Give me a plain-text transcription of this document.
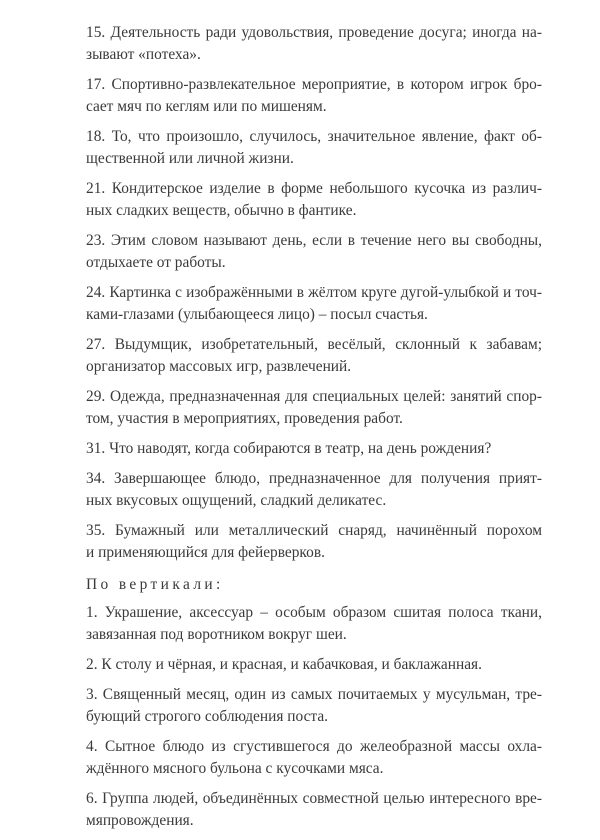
15. Деятельность ради удовольствия, проведение досуга; иногда на-
зывают «потеха».

17. Спортивно-развлекательное мероприятие, в котором игрок бро-
сает мяч по кеглям или по мишеням.

18. То, что произошло, случилось, значительное явление, факт об-
щественной или личной жизни.

21. Кондитерское изделие в форме небольшого кусочка из различ-
ных сладких веществ, обычно в фантике.

23. Этим словом называют день, если в течение него вы свободны,
отдыхаете от работы.

24. Картинка с изображёнными в жёлтом круге дугой-улыбкой и точ-
ками-глазами (улыбающееся лицо) – посыл счастья.

27. Выдумщик, изобретательный, весёлый, склонный к забавам;
организатор массовых игр, развлечений.

29. Одежда, предназначенная для специальных целей: занятий спор-
том, участия в мероприятиях, проведения работ.

31. Что наводят, когда собираются в театр, на день рождения?

34. Завершающее блюдо, предназначенное для получения прият-
ных вкусовых ощущений, сладкий деликатес.

35. Бумажный или металлический снаряд, начинённый порохом
и применяющийся для фейерверков.

По вертикали:

1. Украшение, аксессуар – особым образом сшитая полоса ткани,
завязанная под воротником вокруг шеи.

2. К столу и чёрная, и красная, и кабачковая, и баклажанная.

3. Священный месяц, один из самых почитаемых у мусульман, тре-
бующий строгого соблюдения поста.

4. Сытное блюдо из сгустившегося до желеобразной массы охла-
ждённого мясного бульона с кусочками мяса.

6. Группа людей, объединённых совместной целью интересного вре-
мяпровождения.
